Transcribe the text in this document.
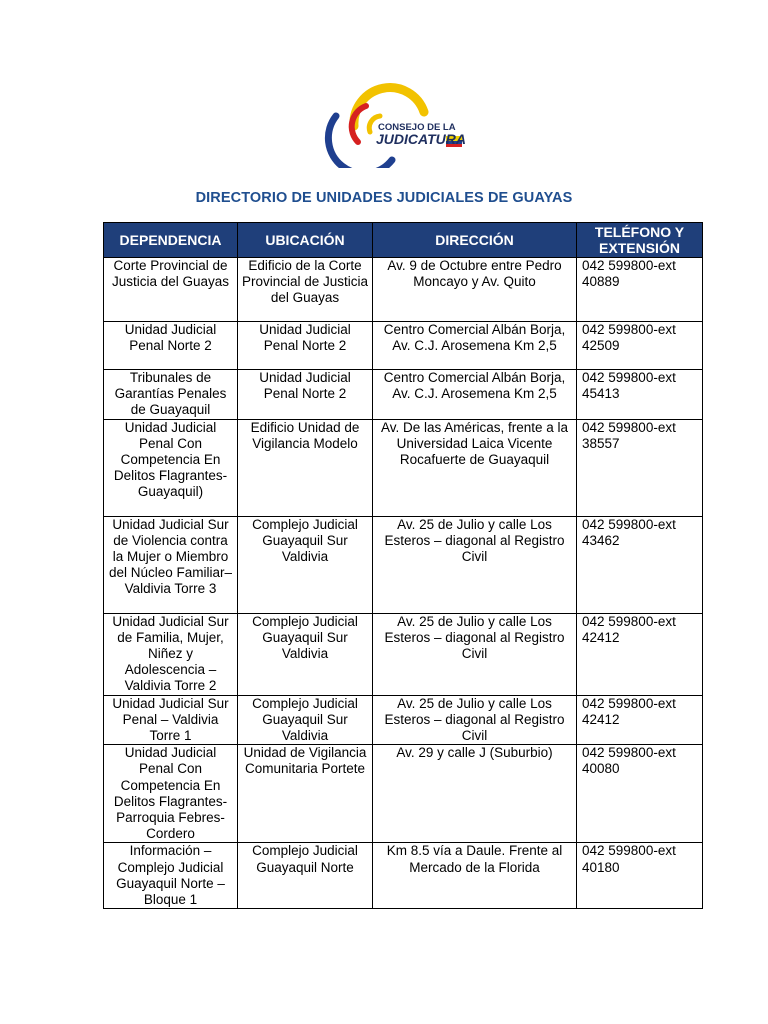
CONSEJO DE LA
JUDICATURA
DIRECTORIO DE UNIDADES JUDICIALES DE GUAYAS
DEPENDENCIA	UBICACIÓN	DIRECCIÓN	TELÉFONO Y EXTENSIÓN
Corte Provincial de Justicia del Guayas	Edificio de la Corte Provincial de Justicia del Guayas	Av. 9 de Octubre entre Pedro Moncayo y Av. Quito	042 599800-ext 40889
Unidad Judicial Penal Norte 2	Unidad Judicial Penal Norte 2	Centro Comercial Albán Borja, Av. C.J. Arosemena Km 2,5	042 599800-ext 42509
Tribunales de Garantías Penales de Guayaquil	Unidad Judicial Penal Norte 2	Centro Comercial Albán Borja, Av. C.J. Arosemena Km 2,5	042 599800-ext 45413
Unidad Judicial Penal Con Competencia En Delitos Flagrantes-Guayaquil)	Edificio Unidad de Vigilancia Modelo	Av. De las Américas, frente a la Universidad Laica Vicente Rocafuerte de Guayaquil	042 599800-ext 38557
Unidad Judicial Sur de Violencia contra la Mujer o Miembro del Núcleo Familiar–Valdivia Torre 3	Complejo Judicial Guayaquil Sur Valdivia	Av. 25 de Julio y calle Los Esteros – diagonal al Registro Civil	042 599800-ext 43462
Unidad Judicial Sur de Familia, Mujer, Niñez y Adolescencia – Valdivia Torre 2	Complejo Judicial Guayaquil Sur Valdivia	Av. 25 de Julio y calle Los Esteros – diagonal al Registro Civil	042 599800-ext 42412
Unidad Judicial Sur Penal – Valdivia Torre 1	Complejo Judicial Guayaquil Sur Valdivia	Av. 25 de Julio y calle Los Esteros – diagonal al Registro Civil	042 599800-ext 42412
Unidad Judicial Penal Con Competencia En Delitos Flagrantes-Parroquia Febres-Cordero	Unidad de Vigilancia Comunitaria Portete	Av. 29 y calle J (Suburbio)	042 599800-ext 40080
Información – Complejo Judicial Guayaquil Norte – Bloque 1	Complejo Judicial Guayaquil Norte	Km 8.5 vía a Daule. Frente al Mercado de la Florida	042 599800-ext 40180
